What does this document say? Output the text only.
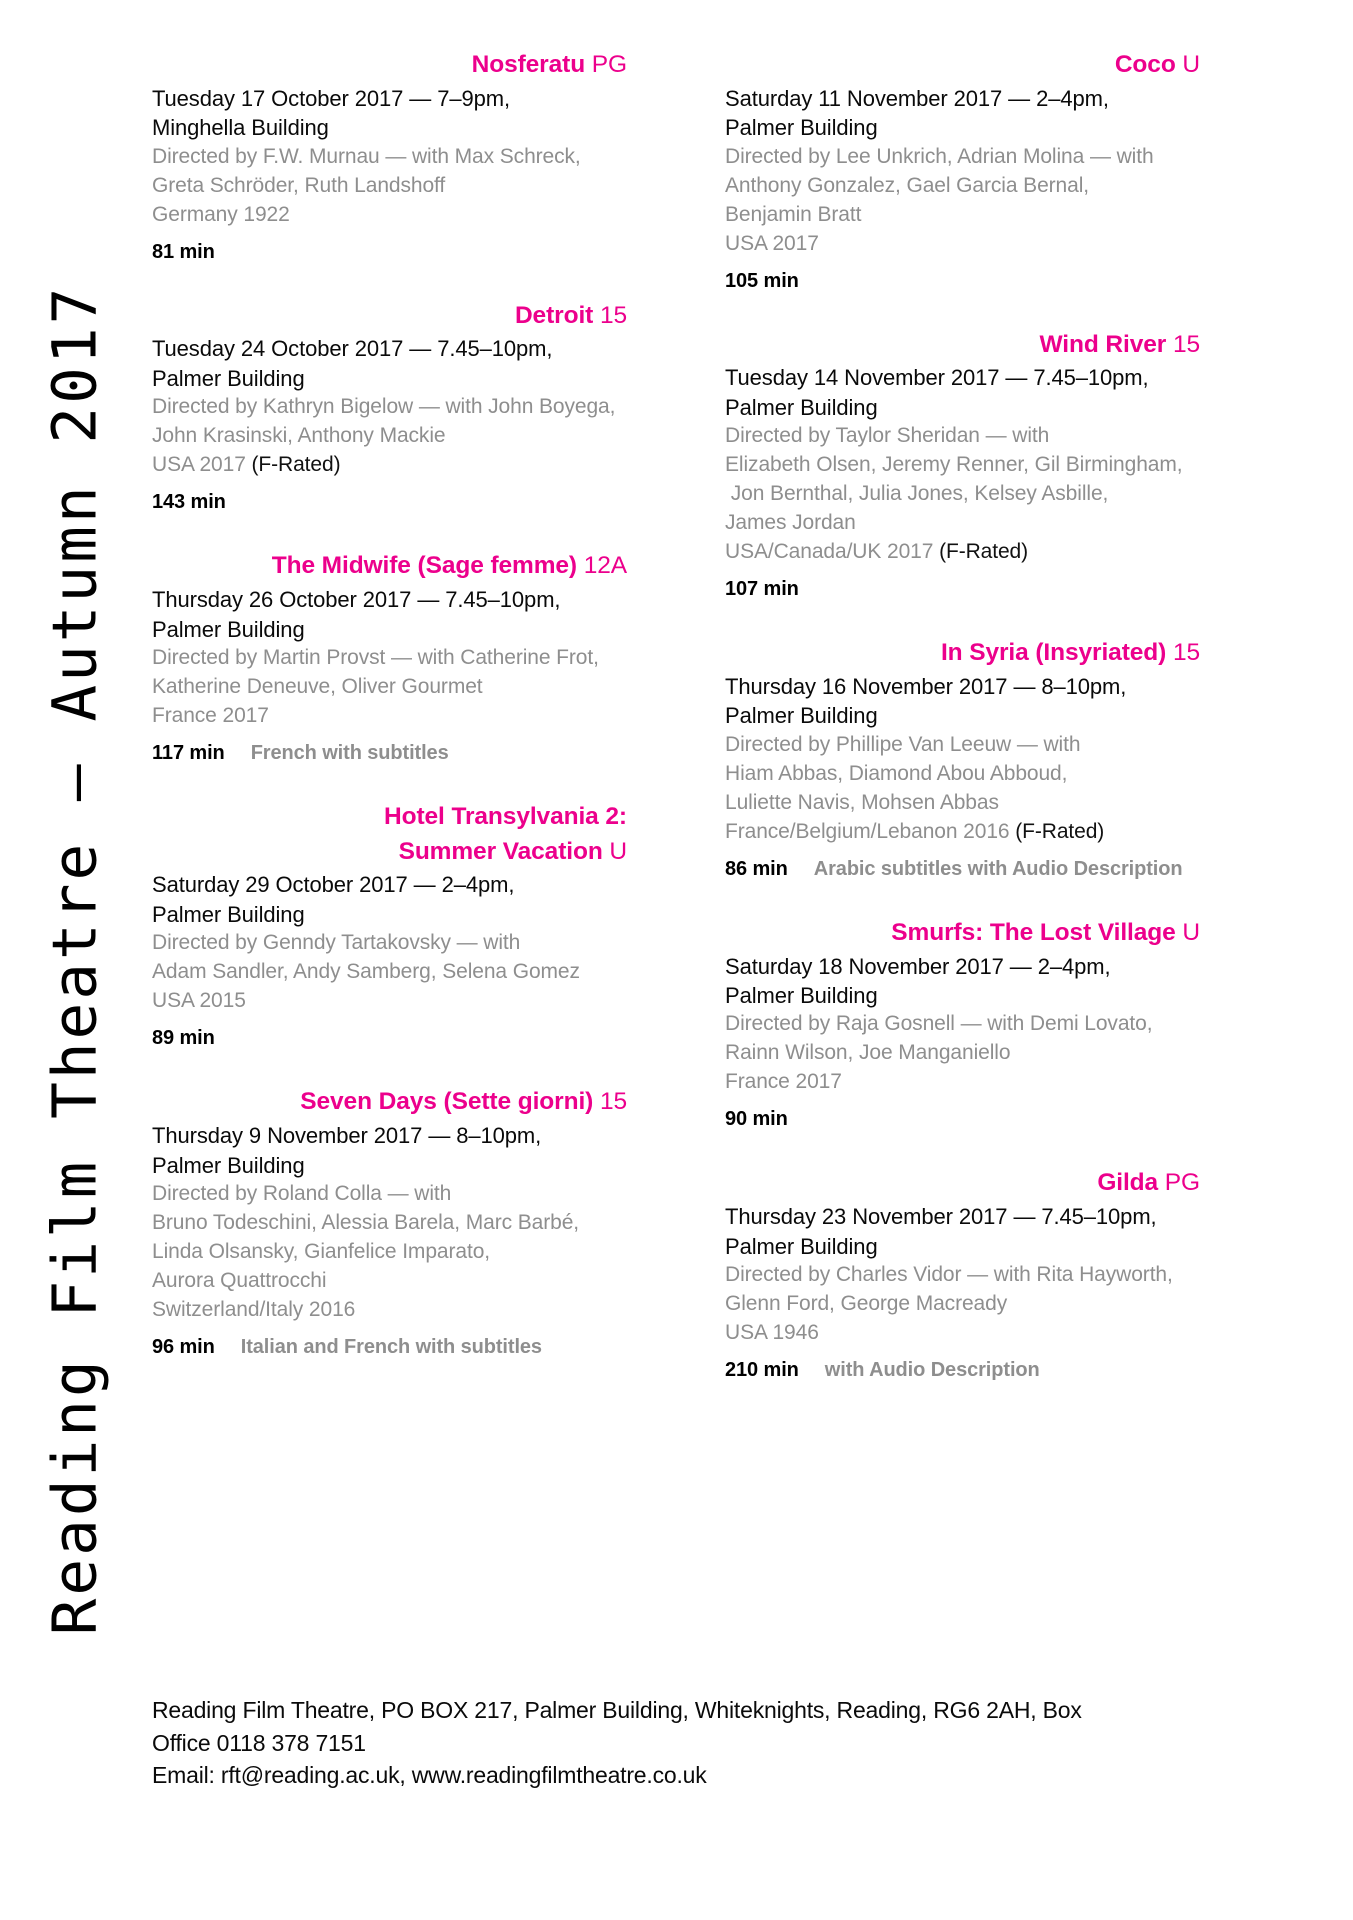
Reading Film Theatre – Autumn 2017
Nosferatu PG
Tuesday 17 October 2017 — 7–9pm,
Minghella Building
Directed by F.W. Murnau — with Max Schreck,
Greta Schröder, Ruth Landshoff
Germany 1922
81 min
Detroit 15
Tuesday 24 October 2017 — 7.45–10pm,
Palmer Building
Directed by Kathryn Bigelow — with John Boyega,
John Krasinski, Anthony Mackie
USA 2017 (F-Rated)
143 min
The Midwife (Sage femme) 12A
Thursday 26 October 2017 — 7.45–10pm,
Palmer Building
Directed by Martin Provst — with Catherine Frot,
Katherine Deneuve, Oliver Gourmet
France 2017
117 min French with subtitles
Hotel Transylvania 2:
Summer Vacation U
Saturday 29 October 2017 — 2–4pm,
Palmer Building
Directed by Genndy Tartakovsky — with
Adam Sandler, Andy Samberg, Selena Gomez
USA 2015
89 min
Seven Days (Sette giorni) 15
Thursday 9 November 2017 — 8–10pm,
Palmer Building
Directed by Roland Colla — with
Bruno Todeschini, Alessia Barela, Marc Barbé,
Linda Olsansky, Gianfelice Imparato,
Aurora Quattrocchi
Switzerland/Italy 2016
96 min Italian and French with subtitles
Coco U
Saturday 11 November 2017 — 2–4pm,
Palmer Building
Directed by Lee Unkrich, Adrian Molina — with
Anthony Gonzalez, Gael Garcia Bernal,
Benjamin Bratt
USA 2017
105 min
Wind River 15
Tuesday 14 November 2017 — 7.45–10pm,
Palmer Building
Directed by Taylor Sheridan — with
Elizabeth Olsen, Jeremy Renner, Gil Birmingham,
Jon Bernthal, Julia Jones, Kelsey Asbille,
James Jordan
USA/Canada/UK 2017 (F-Rated)
107 min
In Syria (Insyriated) 15
Thursday 16 November 2017 — 8–10pm,
Palmer Building
Directed by Phillipe Van Leeuw — with
Hiam Abbas, Diamond Abou Abboud,
Luliette Navis, Mohsen Abbas
France/Belgium/Lebanon 2016 (F-Rated)
86 min Arabic subtitles with Audio Description
Smurfs: The Lost Village U
Saturday 18 November 2017 — 2–4pm,
Palmer Building
Directed by Raja Gosnell — with Demi Lovato,
Rainn Wilson, Joe Manganiello
France 2017
90 min
Gilda PG
Thursday 23 November 2017 — 7.45–10pm,
Palmer Building
Directed by Charles Vidor — with Rita Hayworth,
Glenn Ford, George Macready
USA 1946
210 min with Audio Description

Reading Film Theatre, PO BOX 217, Palmer Building, Whiteknights, Reading, RG6 2AH, Box

Office 0118 378 7151

Email: rft@reading.ac.uk, www.readingfilmtheatre.co.uk
